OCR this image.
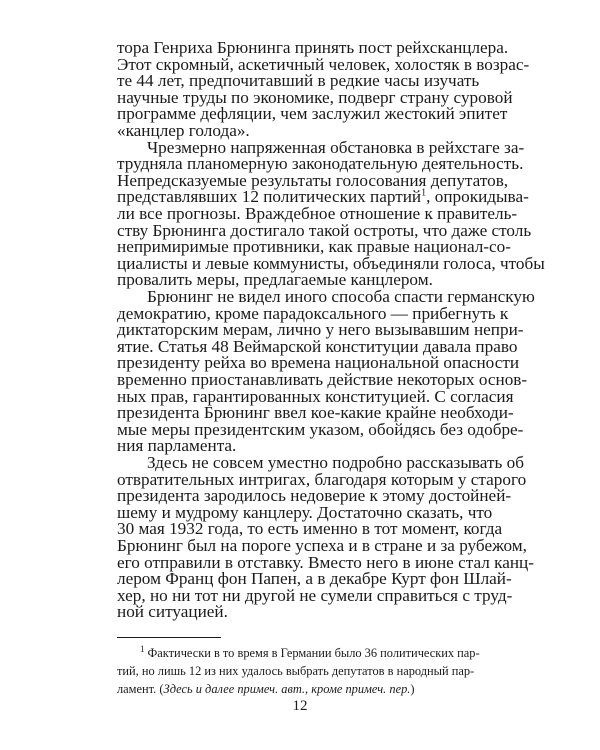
тора Генриха Брюнинга принять пост рейхсканцлера.
Этот скромный, аскетичный человек, холостяк в возрас-
те 44 лет, предпочитавший в редкие часы изучать
научные труды по экономике, подверг страну суровой
программе дефляции, чем заслужил жестокий эпитет
«канцлер голода».
Чрезмерно напряженная обстановка в рейхстаге за-
трудняла планомерную законодательную деятельность.
Непредсказуемые результаты голосования депутатов,
представлявших 12 политических партий$^1$, опрокидыва-
ли все прогнозы. Враждебное отношение к правитель-
ству Брюнинга достигало такой остроты, что даже столь
непримиримые противники, как правые национал-со-
циалисты и левые коммунисты, объединяли голоса, чтобы
провалить меры, предлагаемые канцлером.
Брюнинг не видел иного способа спасти германскую
демократию, кроме парадоксального — прибегнуть к
диктаторским мерам, лично у него вызывавшим непри-
ятие. Статья 48 Веймарской конституции давала право
президенту рейха во времена национальной опасности
временно приостанавливать действие некоторых основ-
ных прав, гарантированных конституцией. С согласия
президента Брюнинг ввел кое-какие крайне необходи-
мые меры президентским указом, обойдясь без одобре-
ния парламента.
Здесь не совсем уместно подробно рассказывать об
отвратительных интригах, благодаря которым у старого
президента зародилось недоверие к этому достойней-
шему и мудрому канцлеру. Достаточно сказать, что
30 мая 1932 года, то есть именно в тот момент, когда
Брюнинг был на пороге успеха и в стране и за рубежом,
его отправили в отставку. Вместо него в июне стал канц-
лером Франц фон Папен, а в декабре Курт фон Шлай-
хер, но ни тот ни другой не сумели справиться с труд-
ной ситуацией.
$^1$ Фактически в то время в Германии было 36 политических пар-
тий, но лишь 12 из них удалось выбрать депутатов в народный пар-
ламент. (Здесь и далее примеч. авт., кроме примеч. пер.)
12
